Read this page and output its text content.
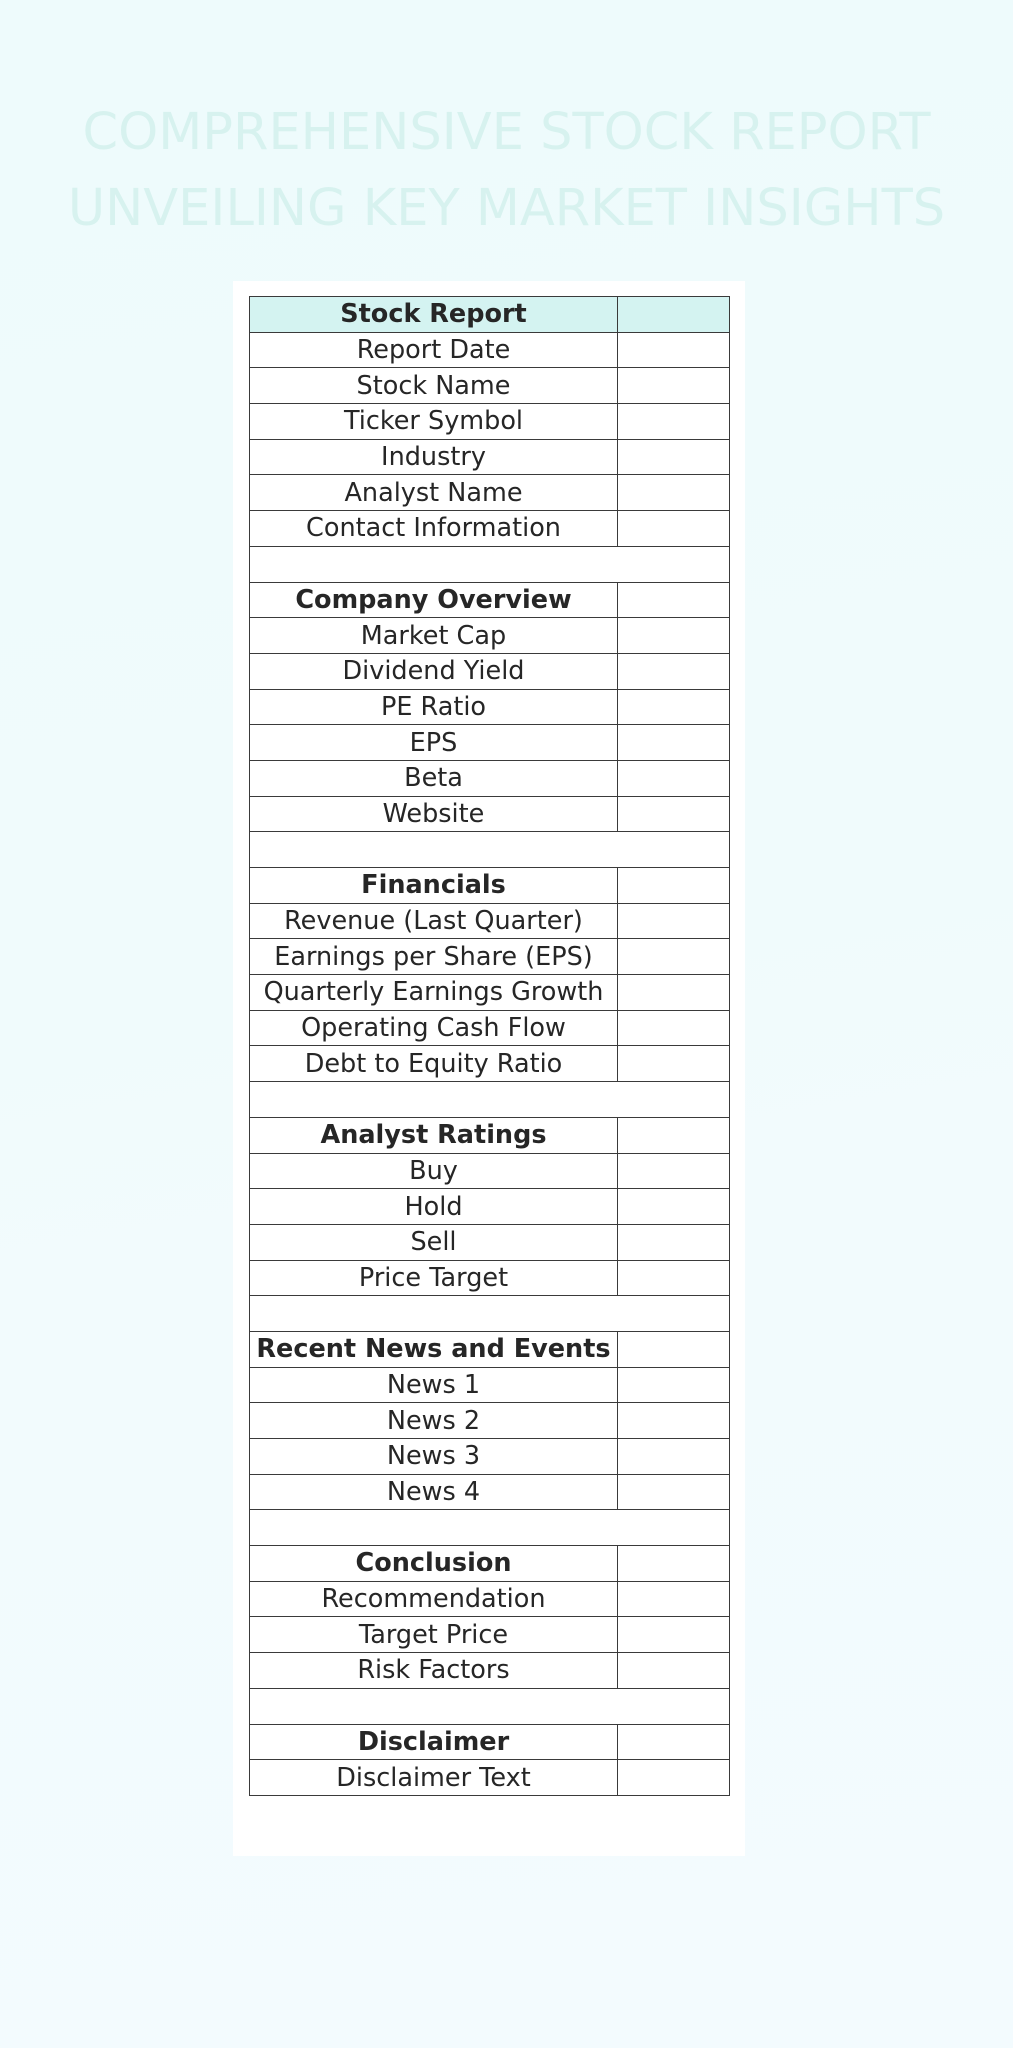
COMPREHENSIVE STOCK REPORT
UNVEILING KEY MARKET INSIGHTS
Stock Report	
Report Date	
Stock Name	
Ticker Symbol	
Industry	
Analyst Name	
Contact Information	

Company Overview	
Market Cap	
Dividend Yield	
PE Ratio	
EPS	
Beta	
Website	

Financials	
Revenue (Last Quarter)	
Earnings per Share (EPS)	
Quarterly Earnings Growth	
Operating Cash Flow	
Debt to Equity Ratio	

Analyst Ratings	
Buy	
Hold	
Sell	
Price Target	

Recent News and Events	
News 1	
News 2	
News 3	
News 4	

Conclusion	
Recommendation	
Target Price	
Risk Factors	

Disclaimer	
Disclaimer Text	
